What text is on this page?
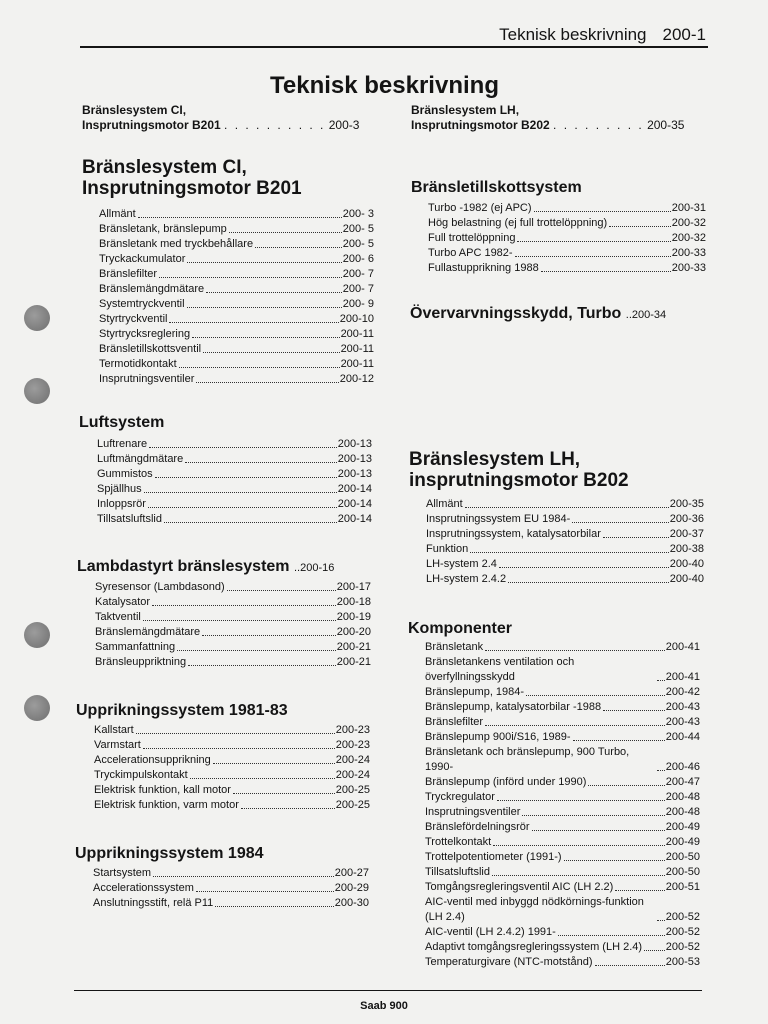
Teknisk beskrivning 200-1
Teknisk beskrivning
Bränslesystem CI,
Insprutningsmotor B201 . . . . . . . . . . 200-3
Bränslesystem LH,
Insprutningsmotor B202 . . . . . . . . . 200-35
Bränslesystem CI,
Insprutningsmotor B201
Allmänt	200- 3
Bränsletank, bränslepump	200- 5
Bränsletank med tryckbehållare	200- 5
Tryckackumulator	200- 6
Bränslefilter	200- 7
Bränslemängdmätare	200- 7
Systemtryckventil	200- 9
Styrtryckventil	200-10
Styrtrycksreglering	200-11
Bränsletillskottsventil	200-11
Termotidkontakt	200-11
Insprutningsventiler	200-12
Luftsystem
Luftrenare	200-13
Luftmängdmätare	200-13
Gummistos	200-13
Spjällhus	200-14
Inloppsrör	200-14
Tillsatsluftslid	200-14
Lambdastyrt bränslesystem ..200-16
Syresensor (Lambdasond)	200-17
Katalysator	200-18
Taktventil	200-19
Bränslemängdmätare	200-20
Sammanfattning	200-21
Bränsleuppriktning	200-21
Upprikningssystem 1981-83
Kallstart	200-23
Varmstart	200-23
Accelerationsupprikning	200-24
Tryckimpulskontakt	200-24
Elektrisk funktion, kall motor	200-25
Elektrisk funktion, varm motor	200-25
Upprikningssystem 1984
Startsystem	200-27
Accelerationssystem	200-29
Anslutningsstift, relä P11	200-30
Bränsletillskottsystem
Turbo -1982 (ej APC)	200-31
Hög belastning (ej full trottelöppning)	200-32
Full trottelöppning	200-32
Turbo APC 1982-	200-33
Fullastupprikning 1988	200-33
Övervarvningsskydd, Turbo ..200-34
Bränslesystem LH,
insprutningsmotor B202
Allmänt	200-35
Insprutningssystem EU 1984-	200-36
Insprutningssystem, katalysatorbilar	200-37
Funktion	200-38
LH-system 2.4	200-40
LH-system 2.4.2	200-40
Komponenter
Bränsletank	200-41
Bränsletankens ventilation och överfyllningsskydd	200-41
Bränslepump, 1984-	200-42
Bränslepump, katalysatorbilar -1988	200-43
Bränslefilter	200-43
Bränslepump 900i/S16, 1989-	200-44
Bränsletank och bränslepump, 900 Turbo, 1990-	200-46
Bränslepump (införd under 1990)	200-47
Tryckregulator	200-48
Insprutningsventiler	200-48
Bränslefördelningsrör	200-49
Trottelkontakt	200-49
Trottelpotentiometer (1991-)	200-50
Tillsatsluftslid	200-50
Tomgångsregleringsventil AIC (LH 2.2)	200-51
AIC-ventil med inbyggd nödkörnings-funktion (LH 2.4)	200-52
AIC-ventil (LH 2.4.2) 1991-	200-52
Adaptivt tomgångsregleringssystem (LH 2.4) 200-52
Temperaturgivare (NTC-motstånd)	200-53
Saab 900
